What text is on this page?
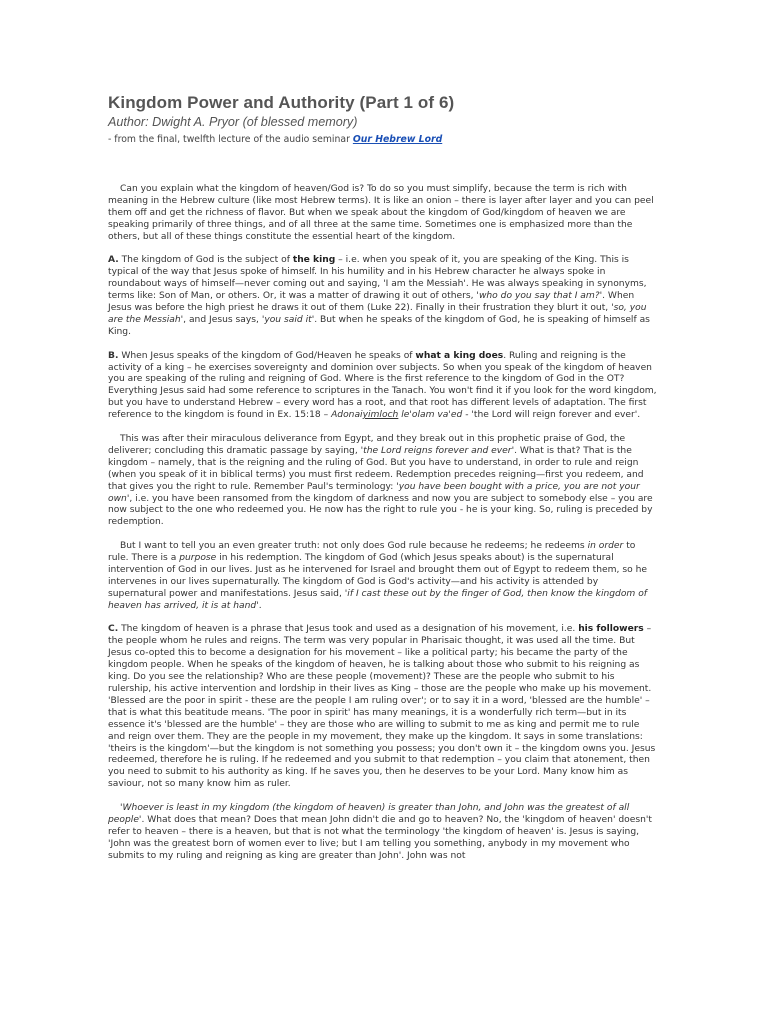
Kingdom Power and Authority (Part 1 of 6)
Author: Dwight A. Pryor (of blessed memory)
- from the final, twelfth lecture of the audio seminar Our Hebrew Lord

Can you explain what the kingdom of heaven/God is? To do so you must simplify, because the term is rich with meaning in the Hebrew culture (like most Hebrew terms). It is like an onion – there is layer after layer and you can peel them off and get the richness of flavor. But when we speak about the kingdom of God/kingdom of heaven we are speaking primarily of three things, and of all three at the same time. Sometimes one is emphasized more than the others, but all of these things constitute the essential heart of the kingdom.

A. The kingdom of God is the subject of the king – i.e. when you speak of it, you are speaking of the King. This is typical of the way that Jesus spoke of himself. In his humility and in his Hebrew character he always spoke in roundabout ways of himself—never coming out and saying, 'I am the Messiah'. He was always speaking in synonyms, terms like: Son of Man, or others. Or, it was a matter of drawing it out of others, 'who do you say that I am?'. When Jesus was before the high priest he draws it out of them (Luke 22). Finally in their frustration they blurt it out, 'so, you are the Messiah', and Jesus says, 'you said it'. But when he speaks of the kingdom of God, he is speaking of himself as King.

B. When Jesus speaks of the kingdom of God/Heaven he speaks of what a king does. Ruling and reigning is the activity of a king – he exercises sovereignty and dominion over subjects. So when you speak of the kingdom of heaven you are speaking of the ruling and reigning of God. Where is the first reference to the kingdom of God in the OT? Everything Jesus said had some reference to scriptures in the Tanach. You won't find it if you look for the word kingdom, but you have to understand Hebrew – every word has a root, and that root has different levels of adaptation. The first reference to the kingdom is found in Ex. 15:18 – Adonaiyimloch le'olam va'ed - 'the Lord will reign forever and ever'.

This was after their miraculous deliverance from Egypt, and they break out in this prophetic praise of God, the deliverer; concluding this dramatic passage by saying, 'the Lord reigns forever and ever'. What is that? That is the kingdom – namely, that is the reigning and the ruling of God. But you have to understand, in order to rule and reign (when you speak of it in biblical terms) you must first redeem. Redemption precedes reigning—first you redeem, and that gives you the right to rule. Remember Paul's terminology: 'you have been bought with a price, you are not your own', i.e. you have been ransomed from the kingdom of darkness and now you are subject to somebody else – you are now subject to the one who redeemed you. He now has the right to rule you - he is your king. So, ruling is preceded by redemption.

But I want to tell you an even greater truth: not only does God rule because he redeems; he redeems in order to rule. There is a purpose in his redemption. The kingdom of God (which Jesus speaks about) is the supernatural intervention of God in our lives. Just as he intervened for Israel and brought them out of Egypt to redeem them, so he intervenes in our lives supernaturally. The kingdom of God is God's activity—and his activity is attended by supernatural power and manifestations. Jesus said, 'if I cast these out by the finger of God, then know the kingdom of heaven has arrived, it is at hand'.

C. The kingdom of heaven is a phrase that Jesus took and used as a designation of his movement, i.e. his followers – the people whom he rules and reigns. The term was very popular in Pharisaic thought, it was used all the time. But Jesus co-opted this to become a designation for his movement – like a political party; his became the party of the kingdom people. When he speaks of the kingdom of heaven, he is talking about those who submit to his reigning as king. Do you see the relationship? Who are these people (movement)? These are the people who submit to his rulership, his active intervention and lordship in their lives as King – those are the people who make up his movement. 'Blessed are the poor in spirit - these are the people I am ruling over'; or to say it in a word, 'blessed are the humble' – that is what this beatitude means. 'The poor in spirit' has many meanings, it is a wonderfully rich term—but in its essence it's 'blessed are the humble' – they are those who are willing to submit to me as king and permit me to rule and reign over them. They are the people in my movement, they make up the kingdom. It says in some translations: 'theirs is the kingdom'—but the kingdom is not something you possess; you don't own it – the kingdom owns you. Jesus redeemed, therefore he is ruling. If he redeemed and you submit to that redemption – you claim that atonement, then you need to submit to his authority as king. If he saves you, then he deserves to be your Lord. Many know him as saviour, not so many know him as ruler.

'Whoever is least in my kingdom (the kingdom of heaven) is greater than John, and John was the greatest of all people'. What does that mean? Does that mean John didn't die and go to heaven? No, the 'kingdom of heaven' doesn't refer to heaven – there is a heaven, but that is not what the terminology 'the kingdom of heaven' is. Jesus is saying, 'John was the greatest born of women ever to live; but I am telling you something, anybody in my movement who submits to my ruling and reigning as king are greater than John'. John was not
